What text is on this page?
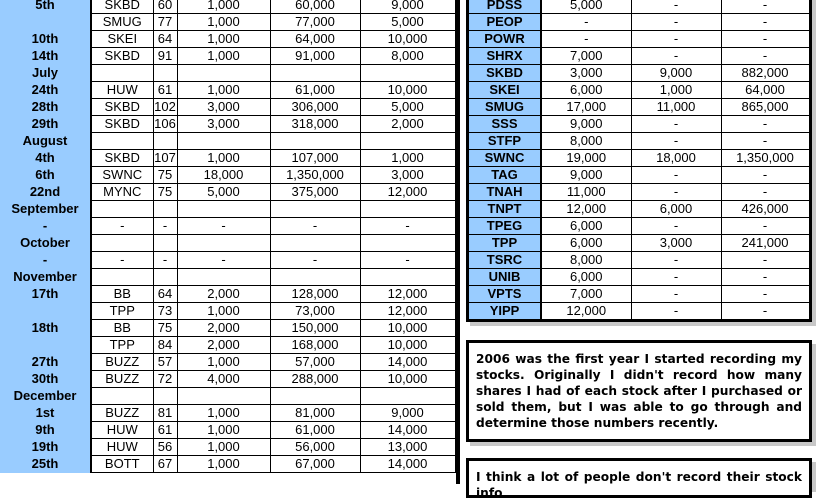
5th	SKBD	60	1,000	60,000	9,000
	SMUG	77	1,000	77,000	5,000
10th	SKEI	64	1,000	64,000	10,000
14th	SKBD	91	1,000	91,000	8,000
July					
24th	HUW	61	1,000	61,000	10,000
28th	SKBD	102	3,000	306,000	5,000
29th	SKBD	106	3,000	318,000	2,000
August					
4th	SKBD	107	1,000	107,000	1,000
6th	SWNC	75	18,000	1,350,000	3,000
22nd	MYNC	75	5,000	375,000	12,000
September					
-	-	-	-	-	-
October					
-	-	-	-	-	-
November					
17th	BB	64	2,000	128,000	12,000
	TPP	73	1,000	73,000	12,000
18th	BB	75	2,000	150,000	10,000
	TPP	84	2,000	168,000	10,000
27th	BUZZ	57	1,000	57,000	14,000
30th	BUZZ	72	4,000	288,000	10,000
December					
1st	BUZZ	81	1,000	81,000	9,000
9th	HUW	61	1,000	61,000	14,000
19th	HUW	56	1,000	56,000	13,000
25th	BOTT	67	1,000	67,000	14,000
PDSS	5,000	-	-
PEOP	-	-	-
POWR	-	-	-
SHRX	7,000	-	-
SKBD	3,000	9,000	882,000
SKEI	6,000	1,000	64,000
SMUG	17,000	11,000	865,000
SSS	9,000	-	-
STFP	8,000	-	-
SWNC	19,000	18,000	1,350,000
TAG	9,000	-	-
TNAH	11,000	-	-
TNPT	12,000	6,000	426,000
TPEG	6,000	-	-
TPP	6,000	3,000	241,000
TSRC	8,000	-	-
UNIB	6,000	-	-
VPTS	7,000	-	-
YIPP	12,000	-	-
2006 was the first year I started recording my stocks. Originally I didn't record how many shares I had of each stock after I purchased or sold them, but I was able to go through and determine those numbers recently.
I think a lot of people don't record their stock info
